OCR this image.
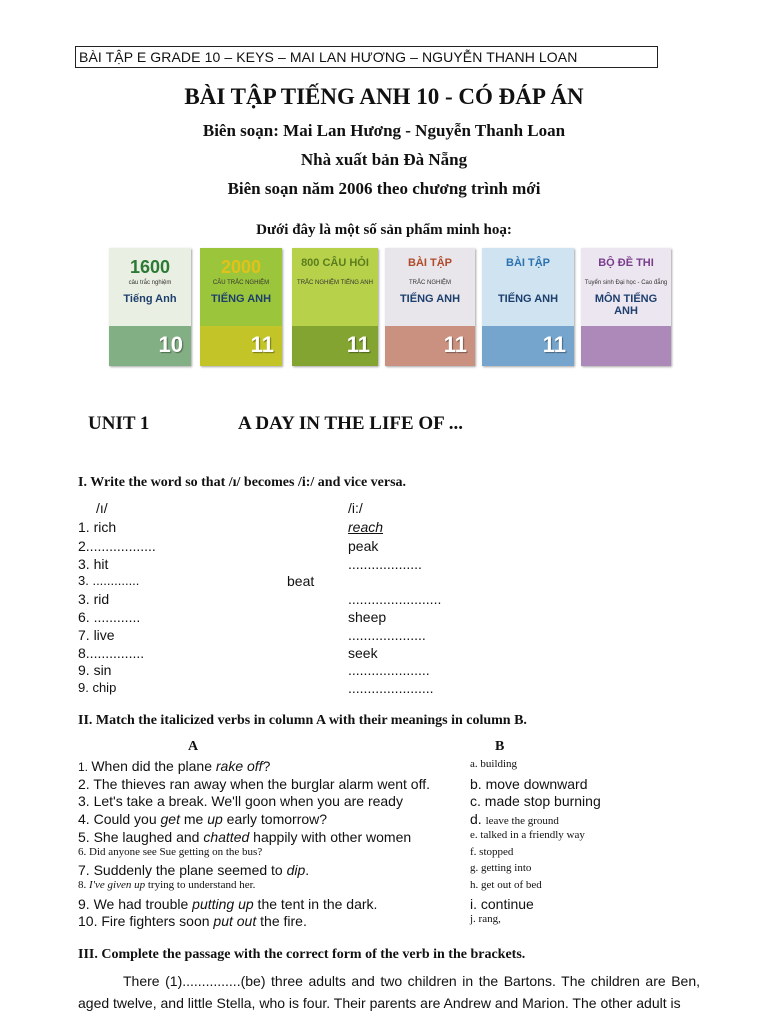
BÀI TẬP E GRADE 10 – KEYS – MAI LAN HƯƠNG – NGUYỄN THANH LOAN
BÀI TẬP TIẾNG ANH 10 - CÓ ĐÁP ÁN
Biên soạn: Mai Lan Hương - Nguyễn Thanh Loan
Nhà xuất bản Đà Nẵng
Biên soạn năm 2006 theo chương trình mới
Dưới đây là một số sản phẩm minh hoạ:
1600
câu trắc nghiệm
Tiếng Anh
10
2000
CÂU TRẮC NGHIỆM
TIẾNG ANH
11
800 CÂU HỎI
TRẮC NGHIỆM TIẾNG ANH
11
BÀI TẬP
TRẮC NGHIỆM
TIẾNG ANH
11
BÀI TẬP
TIẾNG ANH
11
BỘ ĐỀ THI
Tuyển sinh Đại học - Cao đẳng
MÔN TIẾNG ANH
UNIT 1	A DAY IN THE LIFE OF ...
I. Write the word so that /ı/ becomes /i:/ and vice versa.
/ı/	/i:/
1. rich	reach
2..................	peak
3. hit	...................
3. .............	beat
3. rid	........................
6. ............	sheep
7. live	....................
8...............	seek
9. sin	.....................
9. chip	......................
II. Match the italicized verbs in column A with their meanings in column B.
A	B
1. When did the plane rake off?	a. building
2. The thieves ran away when the burglar alarm went off.	b. move downward
3. Let's take a break. We'll goon when you are ready	c. made stop burning
4. Could you get me up early tomorrow?	d. leave the ground
5. She laughed and chatted happily with other women	e. talked in a friendly way
6. Did anyone see Sue getting on the bus?	f. stopped
7. Suddenly the plane seemed to dip.	g. getting into
8. I've given up trying to understand her.	h. get out of bed
9. We had trouble putting up the tent in the dark.	i. continue
10. Fire fighters soon put out the fire.	j. rang,
III. Complete the passage with the correct form of the verb in the brackets.
There (1)...............(be) three adults and two children in the Bartons. The children are Ben, aged twelve, and little Stella, who is four. Their parents are Andrew and Marion. The other adult is
